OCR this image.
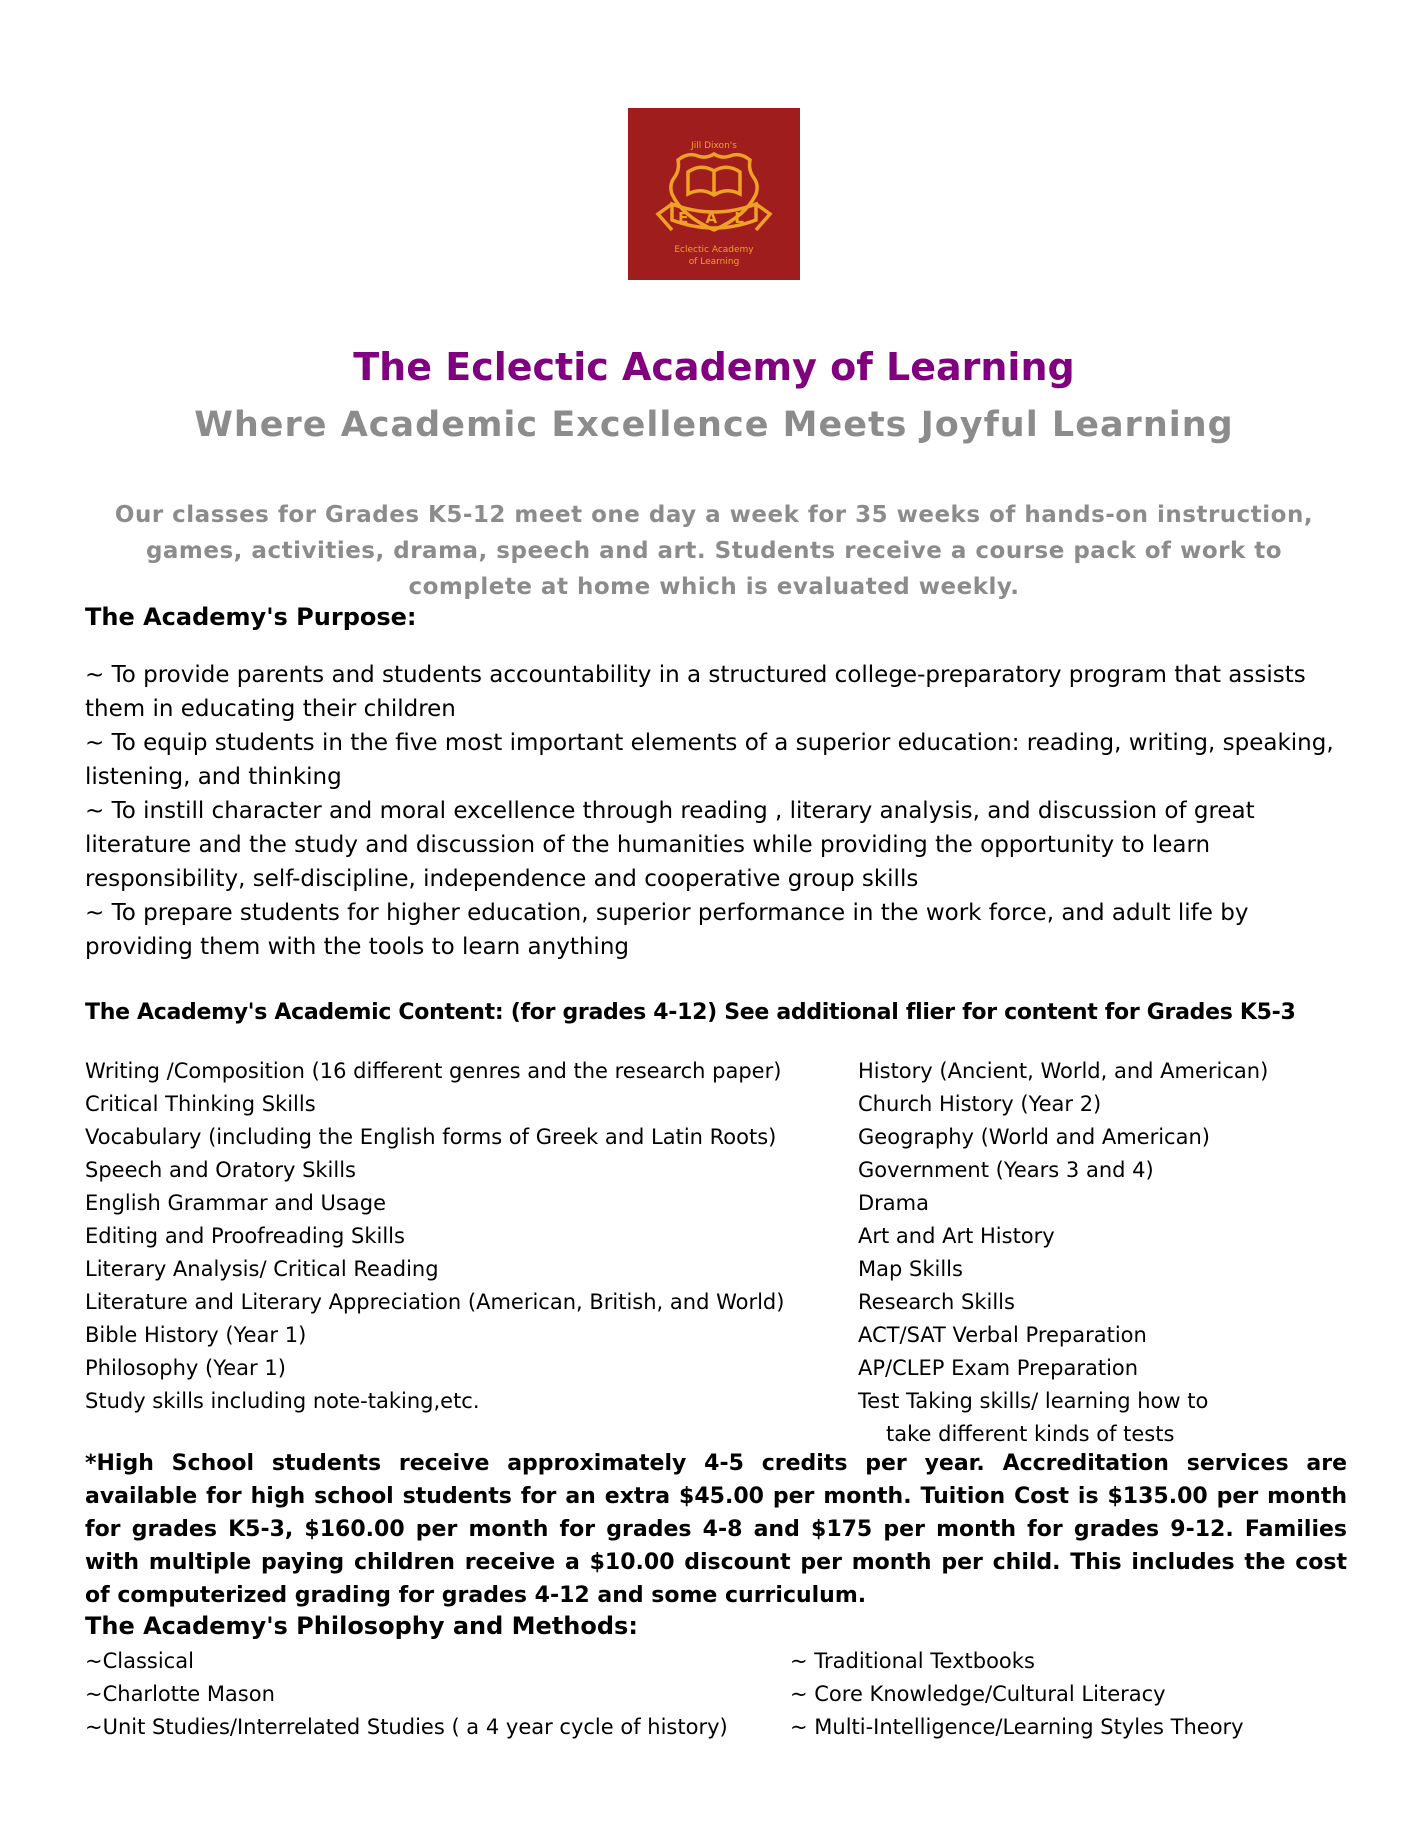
Jill Dixon's
E A L
Eclectic Academy
of Learning
The Eclectic Academy of Learning
Where Academic Excellence Meets Joyful Learning
Our classes for Grades K5-12 meet one day a week for 35 weeks of hands-on instruction, games, activities, drama, speech and art. Students receive a course pack of work to complete at home which is evaluated weekly.
The Academy's Purpose:
~ To provide parents and students accountability in a structured college-preparatory program that assists them in educating their children
~ To equip students in the five most important elements of a superior education: reading, writing, speaking, listening, and thinking
~ To instill character and moral excellence through reading , literary analysis, and discussion of great literature and the study and discussion of the humanities while providing the opportunity to learn responsibility, self-discipline, independence and cooperative group skills
~ To prepare students for higher education, superior performance in the work force, and adult life by providing them with the tools to learn anything
The Academy's Academic Content: (for grades 4-12) See additional flier for content for Grades K5-3
Writing /Composition (16 different genres and the research paper)
Critical Thinking Skills
Vocabulary (including the English forms of Greek and Latin Roots)
Speech and Oratory Skills
English Grammar and Usage
Editing and Proofreading Skills
Literary Analysis/ Critical Reading
Literature and Literary Appreciation (American, British, and World)
Bible History (Year 1)
Philosophy (Year 1)
Study skills including note-taking,etc.
History (Ancient, World, and American)
Church History (Year 2)
Geography (World and American)
Government (Years 3 and 4)
Drama
Art and Art History
Map Skills
Research Skills
ACT/SAT Verbal Preparation
AP/CLEP Exam Preparation
Test Taking skills/ learning how to
take different kinds of tests
*High School students receive approximately 4-5 credits per year. Accreditation services are available for high school students for an extra $45.00 per month. Tuition Cost is $135.00 per month for grades K5-3, $160.00 per month for grades 4-8 and $175 per month for grades 9-12. Families with multiple paying children receive a $10.00 discount per month per child. This includes the cost of computerized grading for grades 4-12 and some curriculum.
The Academy's Philosophy and Methods:
~Classical
~Charlotte Mason
~Unit Studies/Interrelated Studies ( a 4 year cycle of history)
~ Traditional Textbooks
~ Core Knowledge/Cultural Literacy
~ Multi-Intelligence/Learning Styles Theory
